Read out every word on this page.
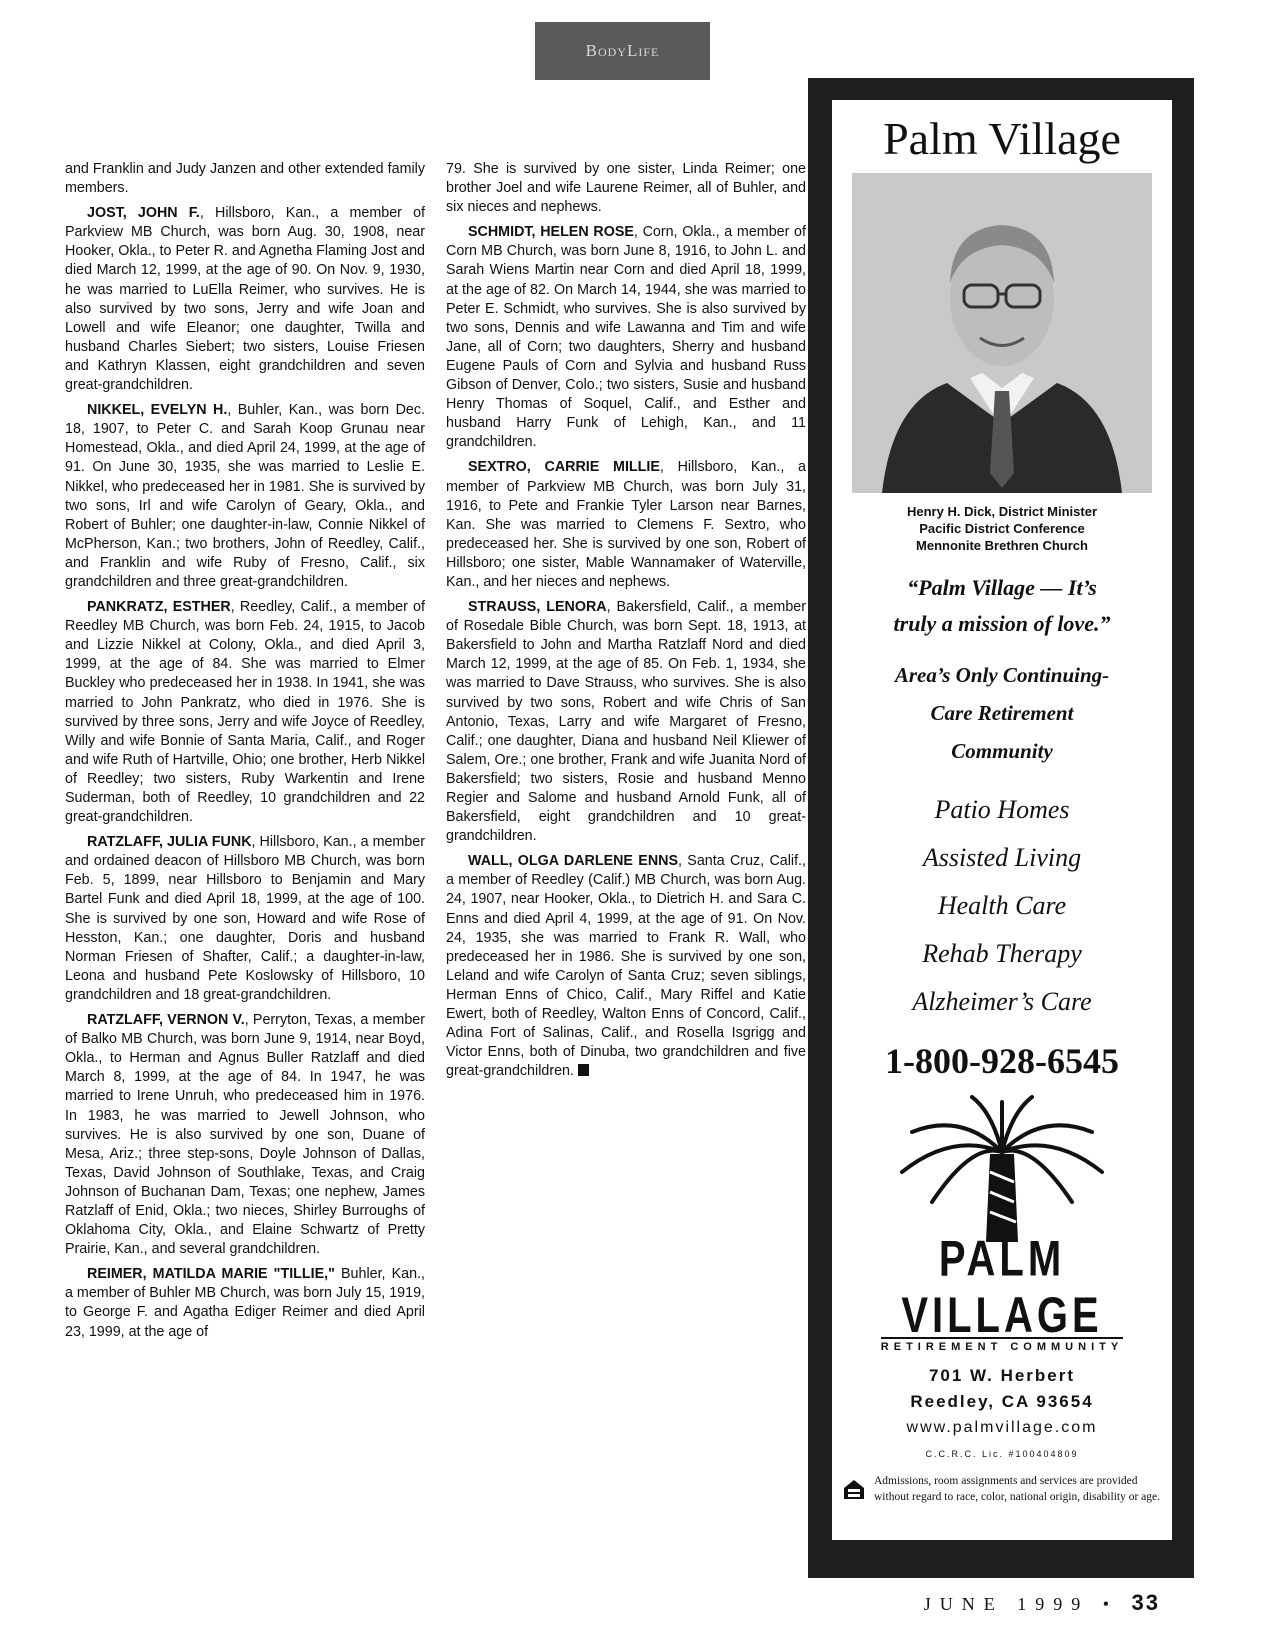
BodyLife

and Franklin and Judy Janzen and other extended family members.

JOST, JOHN F., Hillsboro, Kan., a member of Parkview MB Church, was born Aug. 30, 1908, near Hooker, Okla., to Peter R. and Agnetha Flaming Jost and died March 12, 1999, at the age of 90. On Nov. 9, 1930, he was married to LuElla Reimer, who survives. He is also survived by two sons, Jerry and wife Joan and Lowell and wife Eleanor; one daughter, Twilla and husband Charles Siebert; two sisters, Louise Friesen and Kathryn Klassen, eight grandchildren and seven great-grandchildren.

NIKKEL, EVELYN H., Buhler, Kan., was born Dec. 18, 1907, to Peter C. and Sarah Koop Grunau near Homestead, Okla., and died April 24, 1999, at the age of 91. On June 30, 1935, she was married to Leslie E. Nikkel, who predeceased her in 1981. She is survived by two sons, Irl and wife Carolyn of Geary, Okla., and Robert of Buhler; one daughter-in-law, Connie Nikkel of McPherson, Kan.; two brothers, John of Reedley, Calif., and Franklin and wife Ruby of Fresno, Calif., six grandchildren and three great-grandchildren.

PANKRATZ, ESTHER, Reedley, Calif., a member of Reedley MB Church, was born Feb. 24, 1915, to Jacob and Lizzie Nikkel at Colony, Okla., and died April 3, 1999, at the age of 84. She was married to Elmer Buckley who predeceased her in 1938. In 1941, she was married to John Pankratz, who died in 1976. She is survived by three sons, Jerry and wife Joyce of Reedley, Willy and wife Bonnie of Santa Maria, Calif., and Roger and wife Ruth of Hartville, Ohio; one brother, Herb Nikkel of Reedley; two sisters, Ruby Warkentin and Irene Suderman, both of Reedley, 10 grandchildren and 22 great-grandchildren.

RATZLAFF, JULIA FUNK, Hillsboro, Kan., a member and ordained deacon of Hillsboro MB Church, was born Feb. 5, 1899, near Hillsboro to Benjamin and Mary Bartel Funk and died April 18, 1999, at the age of 100. She is survived by one son, Howard and wife Rose of Hesston, Kan.; one daughter, Doris and husband Norman Friesen of Shafter, Calif.; a daughter-in-law, Leona and husband Pete Koslowsky of Hillsboro, 10 grandchildren and 18 great-grandchildren.

RATZLAFF, VERNON V., Perryton, Texas, a member of Balko MB Church, was born June 9, 1914, near Boyd, Okla., to Herman and Agnus Buller Ratzlaff and died March 8, 1999, at the age of 84. In 1947, he was married to Irene Unruh, who predeceased him in 1976. In 1983, he was married to Jewell Johnson, who survives. He is also survived by one son, Duane of Mesa, Ariz.; three step-sons, Doyle Johnson of Dallas, Texas, David Johnson of Southlake, Texas, and Craig Johnson of Buchanan Dam, Texas; one nephew, James Ratzlaff of Enid, Okla.; two nieces, Shirley Burroughs of Oklahoma City, Okla., and Elaine Schwartz of Pretty Prairie, Kan., and several grandchildren.

REIMER, MATILDA MARIE "TILLIE," Buhler, Kan., a member of Buhler MB Church, was born July 15, 1919, to George F. and Agatha Ediger Reimer and died April 23, 1999, at the age of

79. She is survived by one sister, Linda Reimer; one brother Joel and wife Laurene Reimer, all of Buhler, and six nieces and nephews.

SCHMIDT, HELEN ROSE, Corn, Okla., a member of Corn MB Church, was born June 8, 1916, to John L. and Sarah Wiens Martin near Corn and died April 18, 1999, at the age of 82. On March 14, 1944, she was married to Peter E. Schmidt, who survives. She is also survived by two sons, Dennis and wife Lawanna and Tim and wife Jane, all of Corn; two daughters, Sherry and husband Eugene Pauls of Corn and Sylvia and husband Russ Gibson of Denver, Colo.; two sisters, Susie and husband Henry Thomas of Soquel, Calif., and Esther and husband Harry Funk of Lehigh, Kan., and 11 grandchildren.

SEXTRO, CARRIE MILLIE, Hillsboro, Kan., a member of Parkview MB Church, was born July 31, 1916, to Pete and Frankie Tyler Larson near Barnes, Kan. She was married to Clemens F. Sextro, who predeceased her. She is survived by one son, Robert of Hillsboro; one sister, Mable Wannamaker of Waterville, Kan., and her nieces and nephews.

STRAUSS, LENORA, Bakersfield, Calif., a member of Rosedale Bible Church, was born Sept. 18, 1913, at Bakersfield to John and Martha Ratzlaff Nord and died March 12, 1999, at the age of 85. On Feb. 1, 1934, she was married to Dave Strauss, who survives. She is also survived by two sons, Robert and wife Chris of San Antonio, Texas, Larry and wife Margaret of Fresno, Calif.; one daughter, Diana and husband Neil Kliewer of Salem, Ore.; one brother, Frank and wife Juanita Nord of Bakersfield; two sisters, Rosie and husband Menno Regier and Salome and husband Arnold Funk, all of Bakersfield, eight grandchildren and 10 great-grandchildren.

WALL, OLGA DARLENE ENNS, Santa Cruz, Calif., a member of Reedley (Calif.) MB Church, was born Aug. 24, 1907, near Hooker, Okla., to Dietrich H. and Sara C. Enns and died April 4, 1999, at the age of 91. On Nov. 24, 1935, she was married to Frank R. Wall, who predeceased her in 1986. She is survived by one son, Leland and wife Carolyn of Santa Cruz; seven siblings, Herman Enns of Chico, Calif., Mary Riffel and Katie Ewert, both of Reedley, Walton Enns of Concord, Calif., Adina Fort of Salinas, Calif., and Rosella Isgrigg and Victor Enns, both of Dinuba, two grandchildren and five great-grandchildren.

Palm Village
Henry H. Dick, District Minister
Pacific District Conference
Mennonite Brethren Church
“Palm Village — It’s
truly a mission of love.”
Area’s Only Continuing-
Care Retirement
Community
Patio Homes
Assisted Living
Health Care
Rehab Therapy
Alzheimer’s Care
1-800-928-6545
PALM VILLAGE
RETIREMENT COMMUNITY
701 W. Herbert
Reedley, CA 93654
www.palmvillage.com
C.C.R.C. Lic. #100404809
Admissions, room assignments and services are provided without regard to race, color, national origin, disability or age.
JUNE 1999 • 33
